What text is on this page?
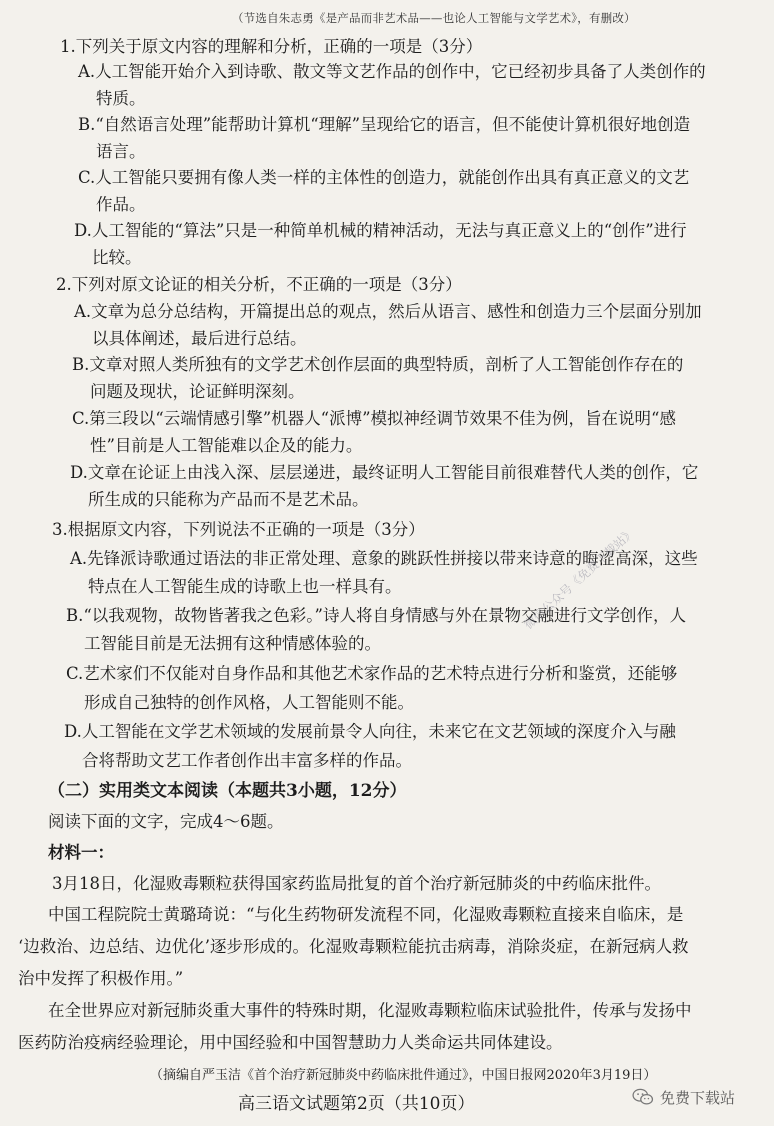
（节选自朱志勇《是产品而非艺术品——也论人工智能与文学艺术》，有删改）
1.下列关于原文内容的理解和分析，正确的一项是（3分）
A.人工智能开始介入到诗歌、散文等文艺作品的创作中，它已经初步具备了人类创作的
特质。
B.“自然语言处理”能帮助计算机“理解”呈现给它的语言，但不能使计算机很好地创造
语言。
C.人工智能只要拥有像人类一样的主体性的创造力，就能创作出具有真正意义的文艺
作品。
D.人工智能的“算法”只是一种简单机械的精神活动，无法与真正意义上的“创作”进行
比较。
2.下列对原文论证的相关分析，不正确的一项是（3分）
A.文章为总分总结构，开篇提出总的观点，然后从语言、感性和创造力三个层面分别加
以具体阐述，最后进行总结。
B.文章对照人类所独有的文学艺术创作层面的典型特质，剖析了人工智能创作存在的
问题及现状，论证鲜明深刻。
C.第三段以“云端情感引擎”机器人“派博”模拟神经调节效果不佳为例，旨在说明“感
性”目前是人工智能难以企及的能力。
D.文章在论证上由浅入深、层层递进，最终证明人工智能目前很难替代人类的创作，它
所生成的只能称为产品而不是艺术品。
3.根据原文内容，下列说法不正确的一项是（3分）
A.先锋派诗歌通过语法的非正常处理、意象的跳跃性拼接以带来诗意的晦涩高深，这些
特点在人工智能生成的诗歌上也一样具有。
B.“以我观物，故物皆著我之色彩。”诗人将自身情感与外在景物交融进行文学创作，人
工智能目前是无法拥有这种情感体验的。
C.艺术家们不仅能对自身作品和其他艺术家作品的艺术特点进行分析和鉴赏，还能够
形成自己独特的创作风格，人工智能则不能。
D.人工智能在文学艺术领域的发展前景令人向往，未来它在文艺领域的深度介入与融
合将帮助文艺工作者创作出丰富多样的作品。
（二）实用类文本阅读（本题共3小题，12分）
阅读下面的文字，完成4～6题。
材料一：
3月18日，化湿败毒颗粒获得国家药监局批复的首个治疗新冠肺炎的中药临床批件。
中国工程院院士黄璐琦说：“与化生药物研发流程不同，化湿败毒颗粒直接来自临床，是
‘边救治、边总结、边优化’逐步形成的。化湿败毒颗粒能抗击病毒，消除炎症，在新冠病人救
治中发挥了积极作用。”
在全世界应对新冠肺炎重大事件的特殊时期，化湿败毒颗粒临床试验批件，传承与发扬中
医药防治疫病经验理论，用中国经验和中国智慧助力人类命运共同体建设。
（摘编自严玉洁《首个治疗新冠肺炎中药临床批件通过》，中国日报网2020年3月19日）
高三语文试题第2页（共10页）
微信公众号《免费下载站》
免费下载站
